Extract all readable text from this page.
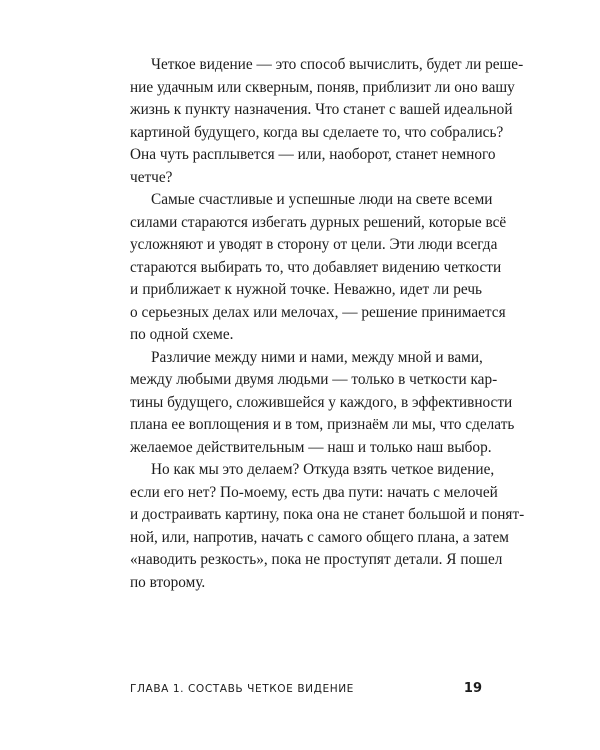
Четкое видение — это способ вычислить, будет ли реше-
ние удачным или скверным, поняв, приблизит ли оно вашу
жизнь к пункту назначения. Что станет с вашей идеальной
картиной будущего, когда вы сделаете то, что собрались?
Она чуть расплывется — или, наоборот, станет немного
четче?
Самые счастливые и успешные люди на свете всеми
силами стараются избегать дурных решений, которые всё
усложняют и уводят в сторону от цели. Эти люди всегда
стараются выбирать то, что добавляет видению четкости
и приближает к нужной точке. Неважно, идет ли речь
о серьезных делах или мелочах, — решение принимается
по одной схеме.
Различие между ними и нами, между мной и вами,
между любыми двумя людьми — только в четкости кар-
тины будущего, сложившейся у каждого, в эффективности
плана ее воплощения и в том, признаём ли мы, что сделать
желаемое действительным — наш и только наш выбор.
Но как мы это делаем? Откуда взять четкое видение,
если его нет? По-моему, есть два пути: начать с мелочей
и достраивать картину, пока она не станет большой и понят-
ной, или, напротив, начать с самого общего плана, а затем
«наводить резкость», пока не проступят детали. Я пошел
по второму.
ГЛАВА 1. СОСТАВЬ ЧЕТКОЕ ВИДЕНИЕ	19
